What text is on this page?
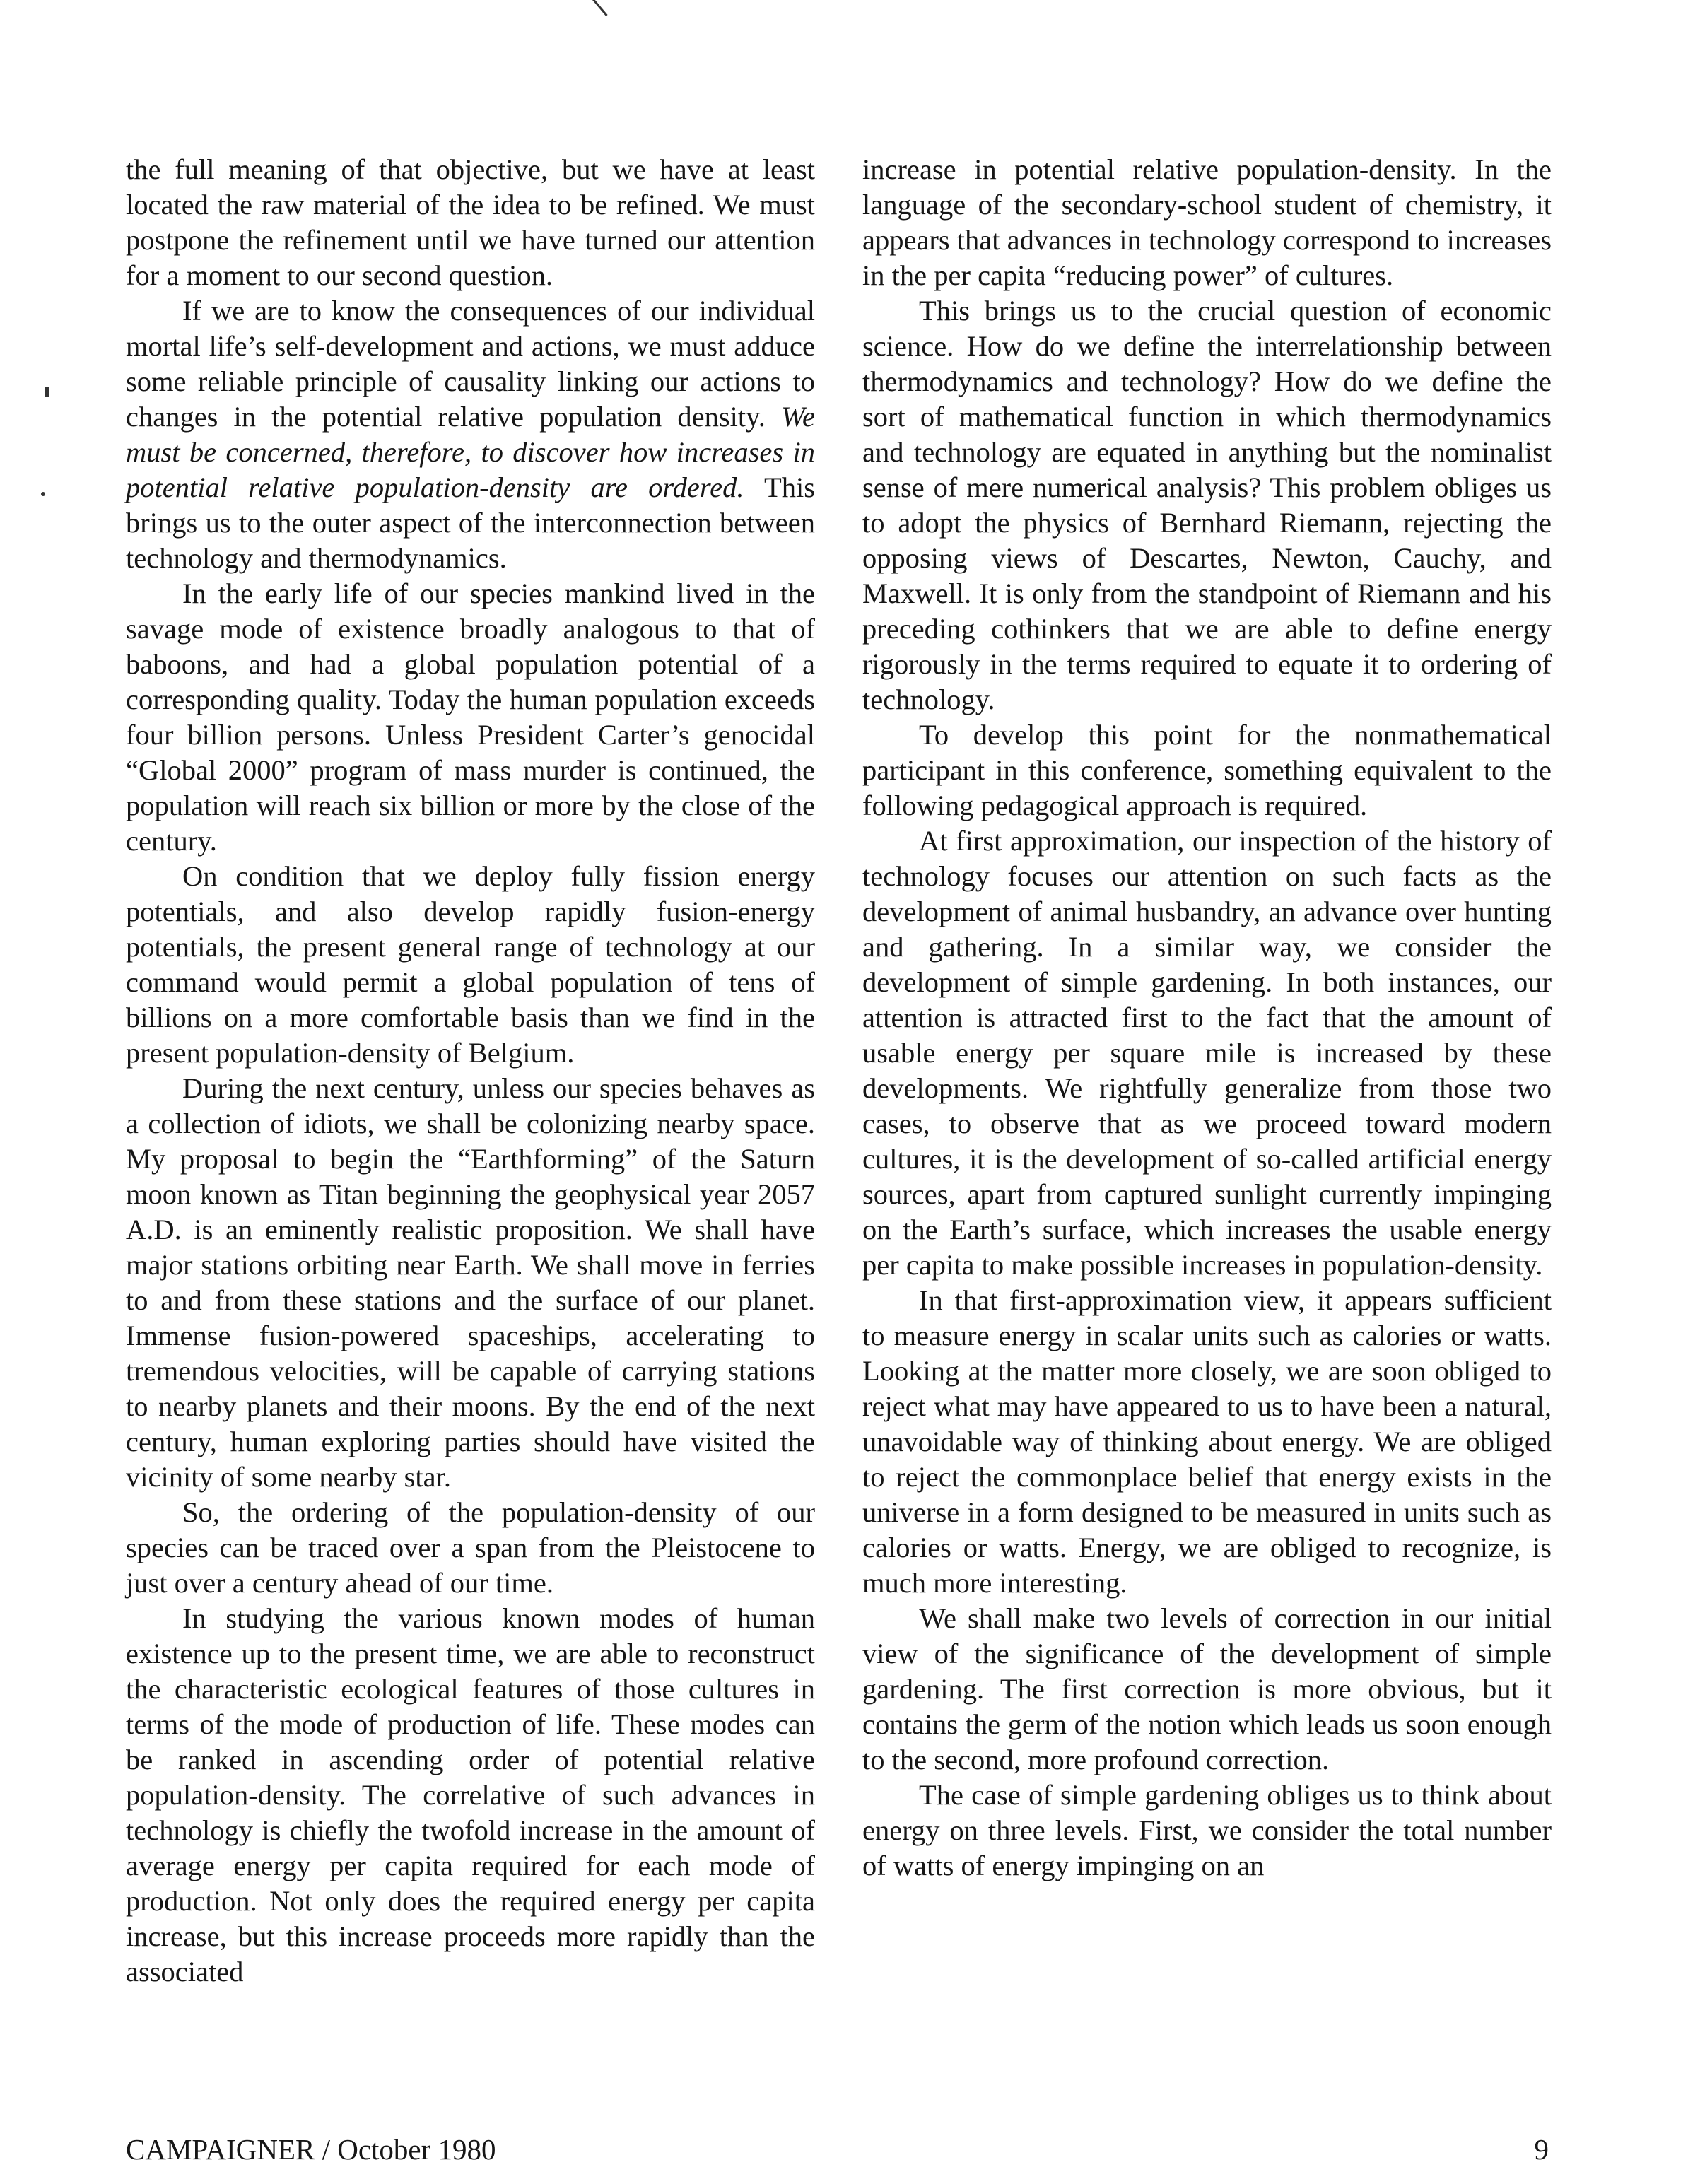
the full meaning of that objective, but we have at least located the raw material of the idea to be refined. We must postpone the refinement until we have turned our attention for a moment to our second question.

If we are to know the consequences of our individual mortal life’s self-development and actions, we must adduce some reliable principle of causality linking our actions to changes in the potential relative population density. We must be concerned, therefore, to discover how increases in potential relative population-density are ordered. This brings us to the outer aspect of the interconnection between technology and thermodynamics.

In the early life of our species mankind lived in the savage mode of existence broadly analogous to that of baboons, and had a global population potential of a corresponding quality. Today the human population exceeds four billion persons. Unless President Carter’s genocidal “Global 2000” program of mass murder is continued, the population will reach six billion or more by the close of the century.

On condition that we deploy fully fission energy potentials, and also develop rapidly fusion-energy potentials, the present general range of technology at our command would permit a global population of tens of billions on a more comfortable basis than we find in the present population-density of Belgium.

During the next century, unless our species behaves as a collection of idiots, we shall be colonizing nearby space. My proposal to begin the “Earthforming” of the Saturn moon known as Titan beginning the geophysical year 2057 A.D. is an eminently realistic proposition. We shall have major stations orbiting near Earth. We shall move in ferries to and from these stations and the surface of our planet. Immense fusion-powered spaceships, accelerating to tremendous velocities, will be capable of carrying stations to nearby planets and their moons. By the end of the next century, human exploring parties should have visited the vicinity of some nearby star.

So, the ordering of the population-density of our species can be traced over a span from the Pleistocene to just over a century ahead of our time.

In studying the various known modes of human existence up to the present time, we are able to reconstruct the characteristic ecological features of those cultures in terms of the mode of production of life. These modes can be ranked in ascending order of potential relative population-density. The correlative of such advances in technology is chiefly the twofold increase in the amount of average energy per capita required for each mode of production. Not only does the required energy per capita increase, but this increase proceeds more rapidly than the associated

increase in potential relative population-density. In the language of the secondary-school student of chemistry, it appears that advances in technology correspond to increases in the per capita “reducing power” of cultures.

This brings us to the crucial question of economic science. How do we define the interrelationship between thermodynamics and technology? How do we define the sort of mathematical function in which thermodynamics and technology are equated in anything but the nominalist sense of mere numerical analysis? This problem obliges us to adopt the physics of Bernhard Riemann, rejecting the opposing views of Descartes, Newton, Cauchy, and Maxwell. It is only from the standpoint of Riemann and his preceding cothinkers that we are able to define energy rigorously in the terms required to equate it to ordering of technology.

To develop this point for the nonmathematical participant in this conference, something equivalent to the following pedagogical approach is required.

At first approximation, our inspection of the history of technology focuses our attention on such facts as the development of animal husbandry, an advance over hunting and gathering. In a similar way, we consider the development of simple gardening. In both instances, our attention is attracted first to the fact that the amount of usable energy per square mile is increased by these developments. We rightfully generalize from those two cases, to observe that as we proceed toward modern cultures, it is the development of so-called artificial energy sources, apart from captured sunlight currently impinging on the Earth’s surface, which increases the usable energy per capita to make possible increases in population-density.

In that first-approximation view, it appears sufficient to measure energy in scalar units such as calories or watts. Looking at the matter more closely, we are soon obliged to reject what may have appeared to us to have been a natural, unavoidable way of thinking about energy. We are obliged to reject the commonplace belief that energy exists in the universe in a form designed to be measured in units such as calories or watts. Energy, we are obliged to recognize, is much more interesting.

We shall make two levels of correction in our initial view of the significance of the development of simple gardening. The first correction is more obvious, but it contains the germ of the notion which leads us soon enough to the second, more profound correction.

The case of simple gardening obliges us to think about energy on three levels. First, we consider the total number of watts of energy impinging on an

CAMPAIGNER / October 1980	9
